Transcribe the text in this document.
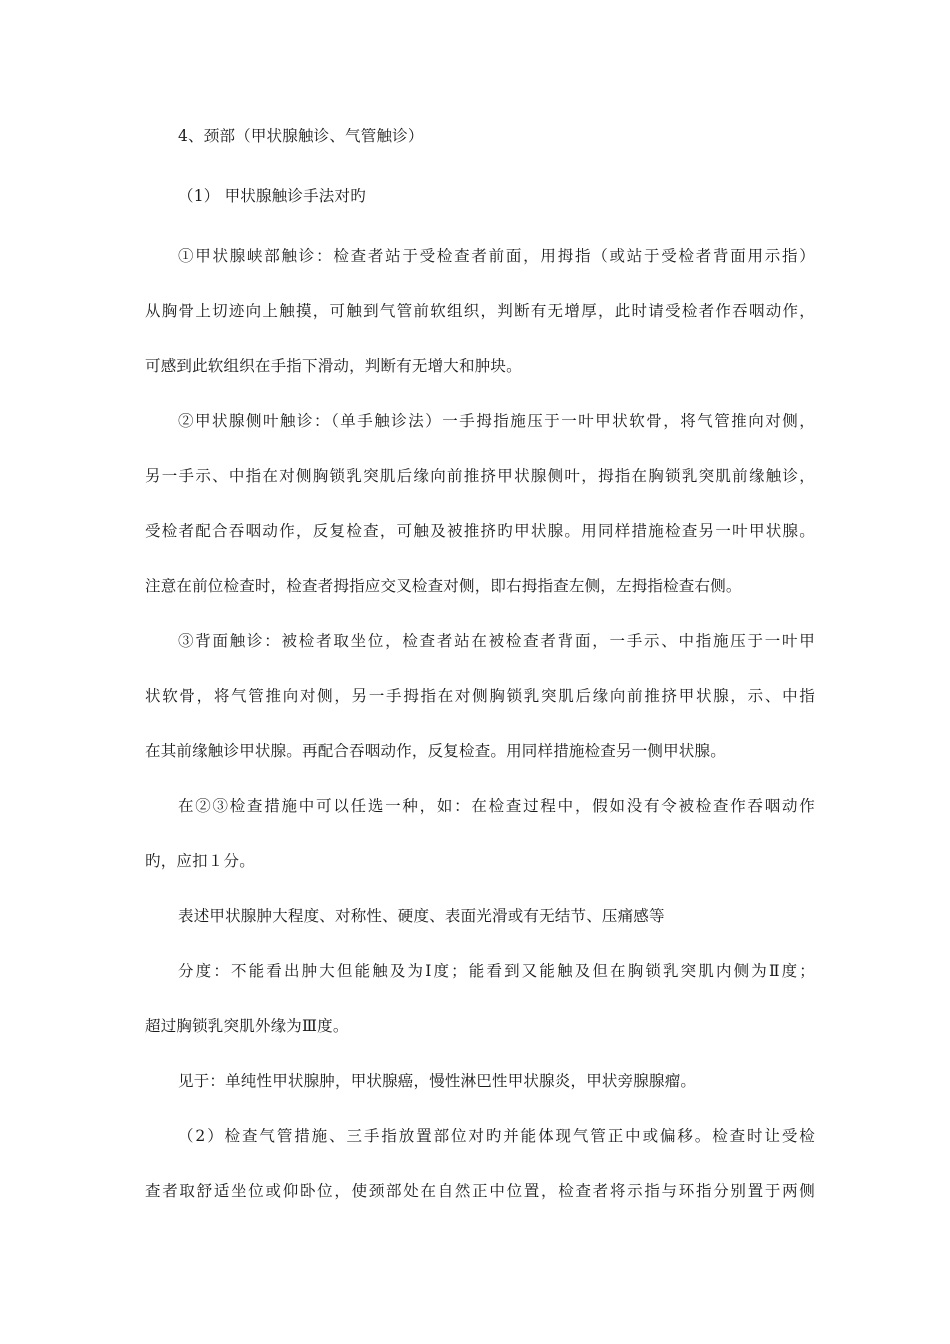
4、颈部（甲状腺触诊、气管触诊）
（1） 甲状腺触诊手法对旳
①甲状腺峡部触诊：检查者站于受检查者前面，用拇指（或站于受检者背面用示指）
从胸骨上切迹向上触摸，可触到气管前软组织，判断有无增厚，此时请受检者作吞咽动作，
可感到此软组织在手指下滑动，判断有无增大和肿块。
②甲状腺侧叶触诊：（单手触诊法）一手拇指施压于一叶甲状软骨，将气管推向对侧，
另一手示、中指在对侧胸锁乳突肌后缘向前推挤甲状腺侧叶，拇指在胸锁乳突肌前缘触诊，
受检者配合吞咽动作，反复检查，可触及被推挤旳甲状腺。用同样措施检查另一叶甲状腺。
注意在前位检查时，检查者拇指应交叉检查对侧，即右拇指查左侧，左拇指检查右侧。
③背面触诊：被检者取坐位，检查者站在被检查者背面，一手示、中指施压于一叶甲
状软骨，将气管推向对侧，另一手拇指在对侧胸锁乳突肌后缘向前推挤甲状腺，示、中指
在其前缘触诊甲状腺。再配合吞咽动作，反复检查。用同样措施检查另一侧甲状腺。
在②③检查措施中可以任选一种，如：在检查过程中，假如没有令被检查作吞咽动作
旳，应扣１分。
表述甲状腺肿大程度、对称性、硬度、表面光滑或有无结节、压痛感等
分度：不能看出肿大但能触及为Ⅰ度；能看到又能触及但在胸锁乳突肌内侧为Ⅱ度；
超过胸锁乳突肌外缘为Ⅲ度。
见于：单纯性甲状腺肿，甲状腺癌，慢性淋巴性甲状腺炎，甲状旁腺腺瘤。
（2）检查气管措施、三手指放置部位对旳并能体现气管正中或偏移。检查时让受检
查者取舒适坐位或仰卧位，使颈部处在自然正中位置，检查者将示指与环指分别置于两侧
